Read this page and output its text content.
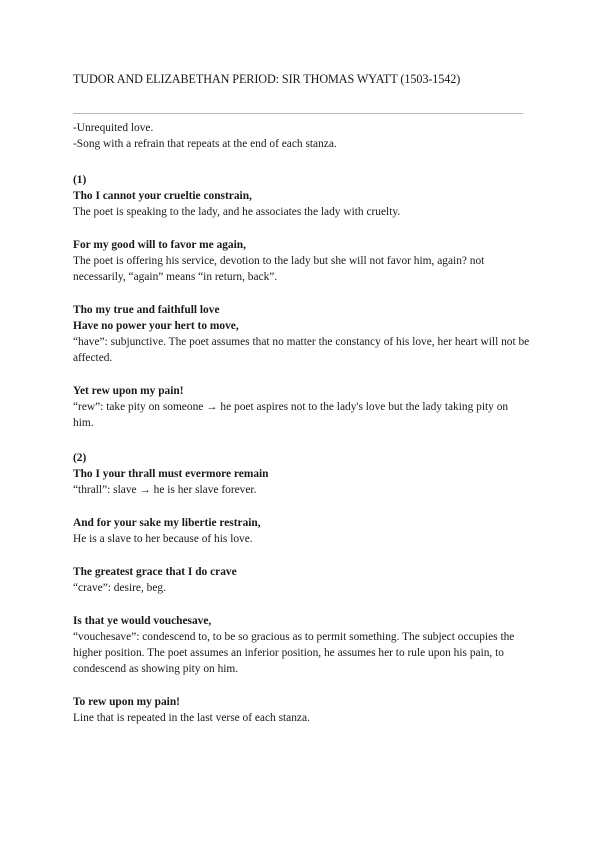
TUDOR AND ELIZABETHAN PERIOD: SIR THOMAS WYATT (1503-1542)

-Unrequited love.

-Song with a refrain that repeats at the end of each stanza.

(1)

Tho I cannot your crueltie constrain,

The poet is speaking to the lady, and he associates the lady with cruelty.

For my good will to favor me again,

The poet is offering his service, devotion to the lady but she will not favor him, again? not necessarily, “again” means “in return, back”.

Tho my true and faithfull love
Have no power your hert to move,

“have”: subjunctive. The poet assumes that no matter the constancy of his love, her heart will not be affected.

Yet rew upon my pain!

“rew”: take pity on someone → he poet aspires not to the lady's love but the lady taking pity on him.

(2)

Tho I your thrall must evermore remain

“thrall”: slave → he is her slave forever.

And for your sake my libertie restrain,

He is a slave to her because of his love.

The greatest grace that I do crave

“crave”: desire, beg.

Is that ye would vouchesave,

“vouchesave”: condescend to, to be so gracious as to permit something. The subject occupies the higher position. The poet assumes an inferior position, he assumes her to rule upon his pain, to condescend as showing pity on him.

To rew upon my pain!

Line that is repeated in the last verse of each stanza.
